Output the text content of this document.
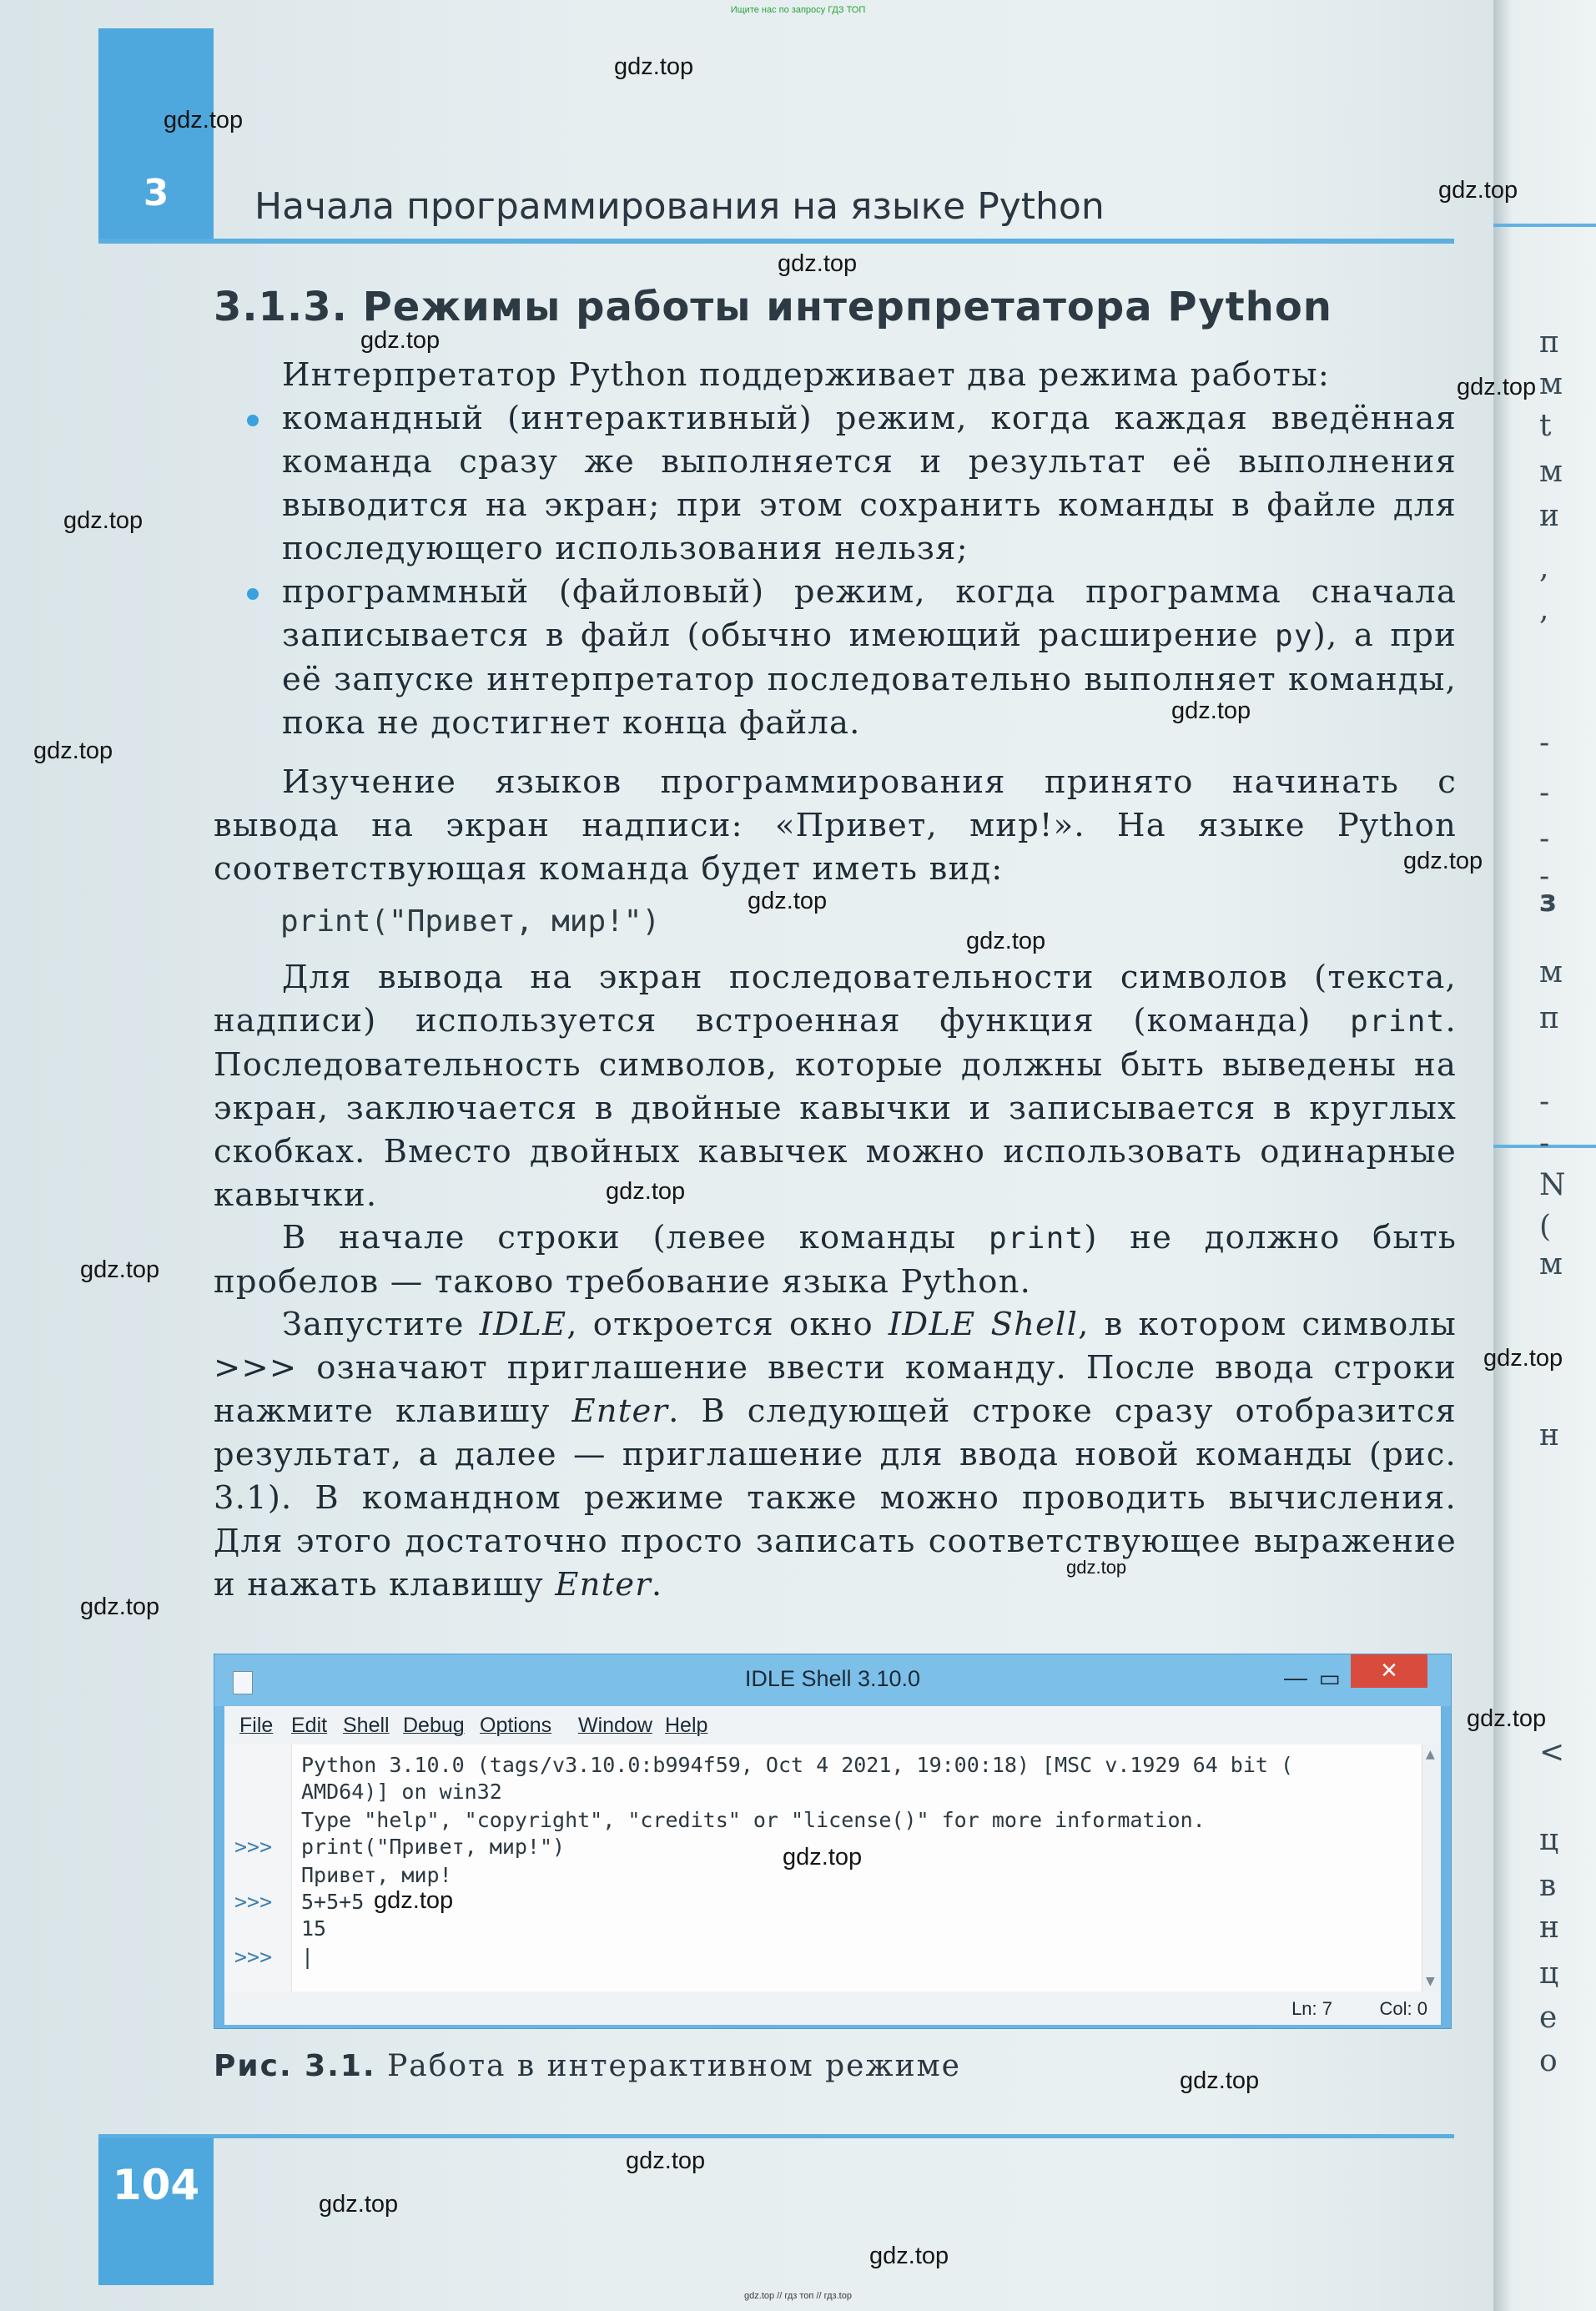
п
м
t
м
и
,
,
-
-
-
-
з
м
п
-
-
N
(
м
н
<
ц
в
н
ц
е
о
Ищите нас по запросу ГДЗ ТОП
3	Начала программирования на языке Python
3.1.3. Режимы работы интерпретатора Python

Интерпретатор Python поддерживает два режима работы:

командный (интерактивный) режим, когда каждая введённая команда сразу же выполняется и результат её выполнения выводится на экран; при этом сохранить команды в файле для последующего использования нельзя;
программный (файловый) режим, когда программа сначала записывается в файл (обычно имеющий расширение py), а при её запуске интерпретатор последовательно выполняет команды, пока не достигнет конца файла.

Изучение языков программирования принято начинать с вывода на экран надписи: «Привет, мир!». На языке Python соответствующая команда будет иметь вид:

print("Привет, мир!")

Для вывода на экран последовательности символов (текста, надписи) используется встроенная функция (команда) print. Последовательность символов, которые должны быть выведены на экран, заключается в двойные кавычки и записывается в круглых скобках. Вместо двойных кавычек можно использовать одинарные кавычки.

В начале строки (левее команды print) не должно быть пробелов — таково требование языка Python.

Запустите IDLE, откроется окно IDLE Shell, в котором символы >>> означают приглашение ввести команду. После ввода строки нажмите клавишу Enter. В следующей строке сразу отобразится результат, а далее — приглашение для ввода новой команды (рис. 3.1). В командном режиме также можно проводить вычисления. Для этого достаточно просто записать соответствующее выражение и нажать клавишу Enter.

IDLE Shell 3.10.0	— ▭	✕
File Edit Shell Debug Options Window Help
Python 3.10.0 (tags/v3.10.0:b994f59, Oct 4 2021, 19:00:18) [MSC v.1929 64 bit (
AMD64)] on win32
Type "help", "copyright", "credits" or "license()" for more information.
>>> print("Привет, мир!")
Привет, мир!
>>> 5+5+5
15
>>> |
▲
▼
Ln: 7	Col: 0
Рис. 3.1. Работа в интерактивном режиме
104
gdz.top
gdz.top
gdz.top
gdz.top
gdz.top
gdz.top
gdz.top
gdz.top
gdz.top
gdz.top
gdz.top
gdz.top
gdz.top
gdz.top
gdz.top
gdz.top
gdz.top
gdz.top
gdz.top
gdz.top
gdz.top
gdz.top
gdz.top
gdz.top
gdz.top // гдз топ // гдз.top
